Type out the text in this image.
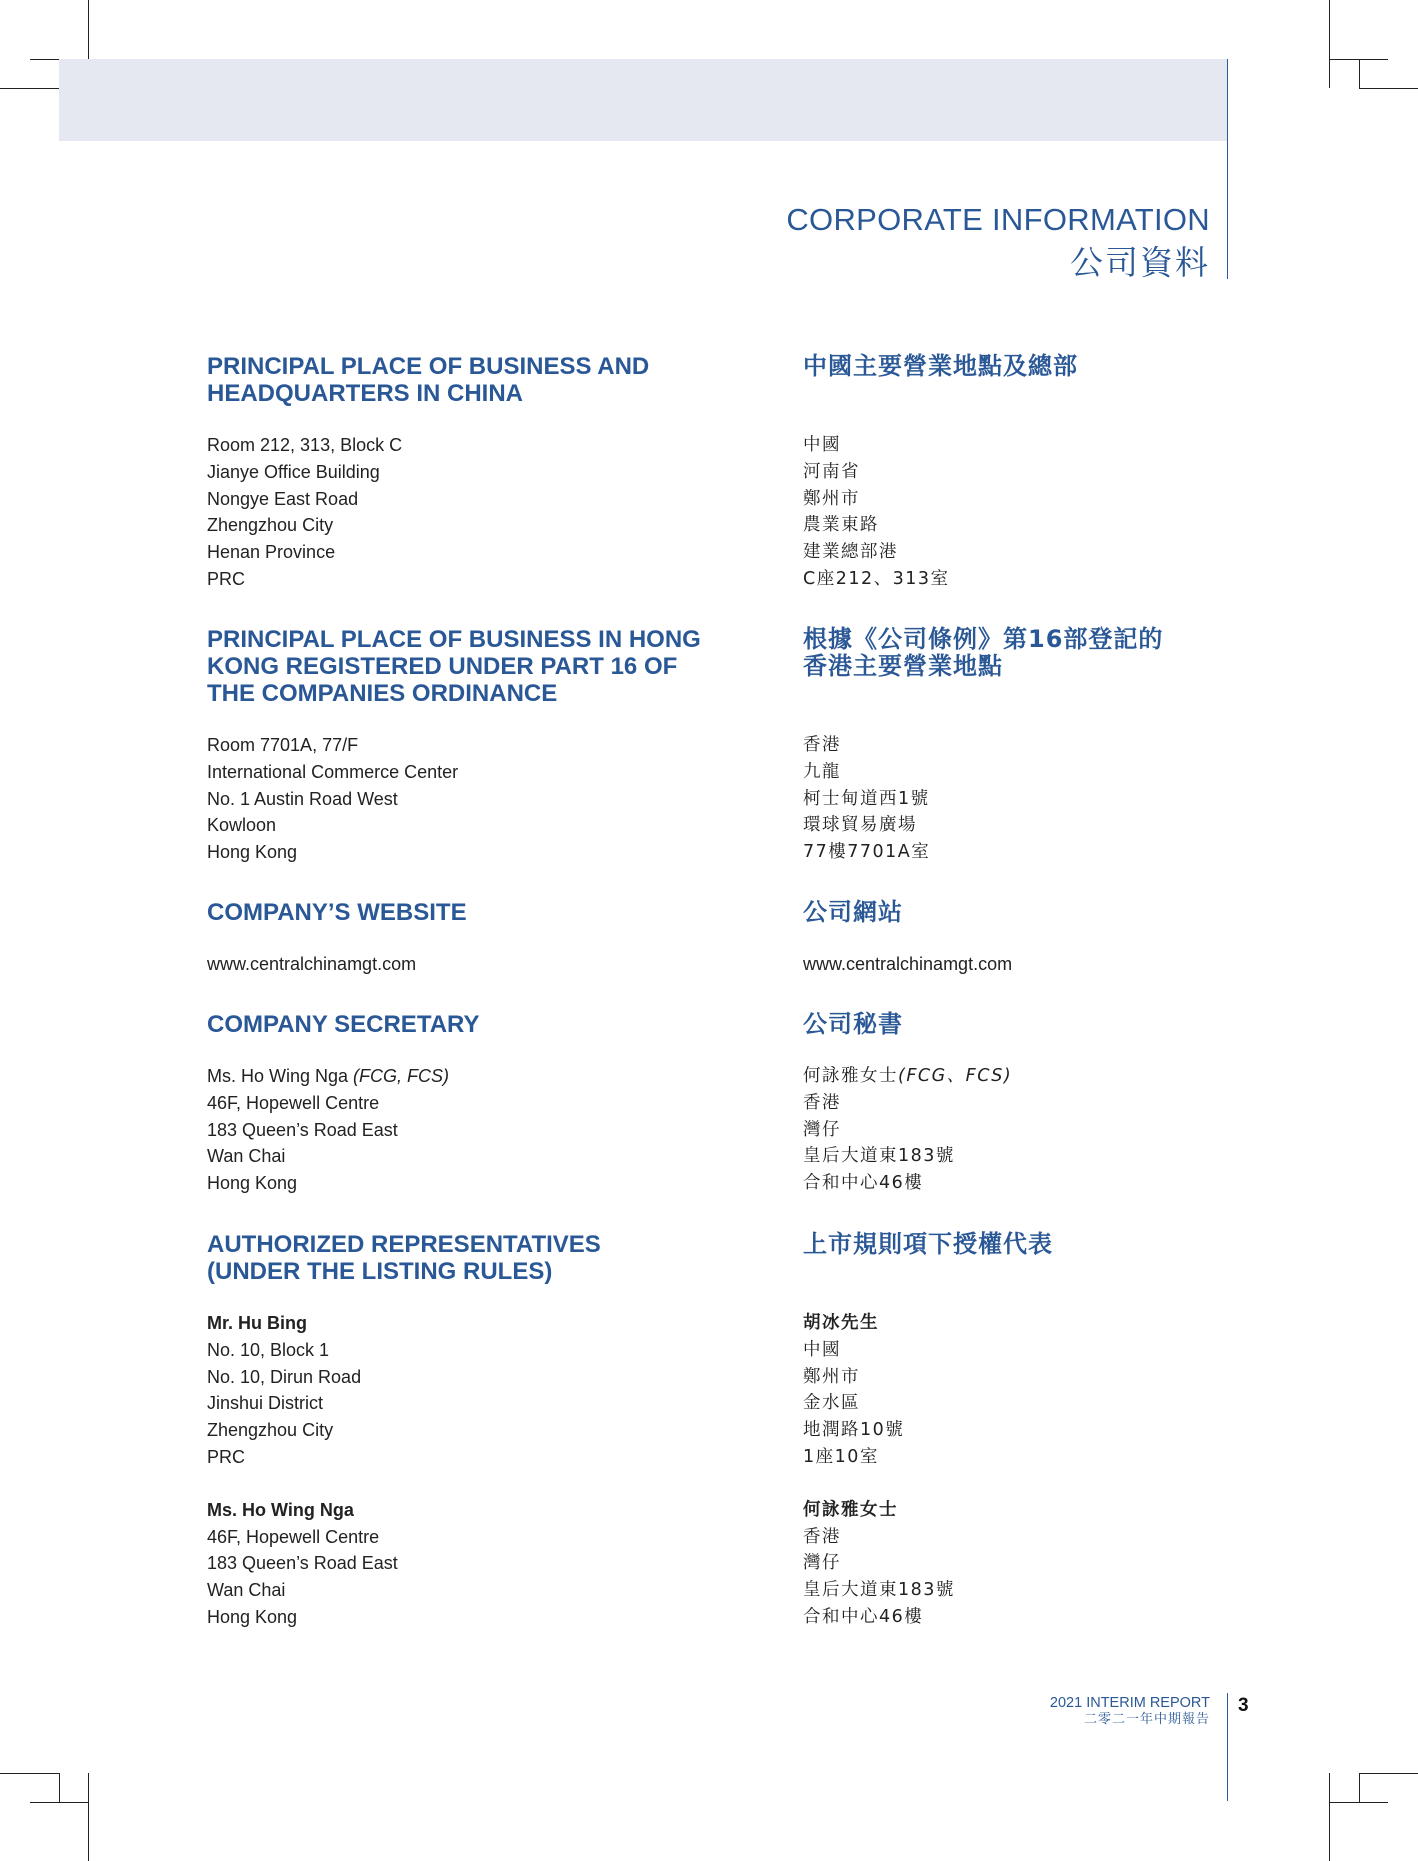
CORPORATE INFORMATION
公司資料
PRINCIPAL PLACE OF BUSINESS AND
HEADQUARTERS IN CHINA
Room 212, 313, Block C
Jianye Office Building
Nongye East Road
Zhengzhou City
Henan Province
PRC
中國主要營業地點及總部

中國
河南省
鄭州市
農業東路
建業總部港
C座212、313室
PRINCIPAL PLACE OF BUSINESS IN HONG
KONG REGISTERED UNDER PART 16 OF
THE COMPANIES ORDINANCE
Room 7701A, 77/F
International Commerce Center
No. 1 Austin Road West
Kowloon
Hong Kong
根據《公司條例》第16部登記的
香港主要營業地點

香港
九龍
柯士甸道西1號
環球貿易廣場
77樓7701A室
COMPANY’S WEBSITE
www.centralchinamgt.com
公司網站
www.centralchinamgt.com
COMPANY SECRETARY
Ms. Ho Wing Nga (FCG, FCS)
46F, Hopewell Centre
183 Queen’s Road East
Wan Chai
Hong Kong
公司秘書
何詠雅女士(FCG、FCS)
香港
灣仔
皇后大道東183號
合和中心46樓
AUTHORIZED REPRESENTATIVES
(UNDER THE LISTING RULES)
Mr. Hu Bing
No. 10, Block 1
No. 10, Dirun Road
Jinshui District
Zhengzhou City
PRC
Ms. Ho Wing Nga
46F, Hopewell Centre
183 Queen’s Road East
Wan Chai
Hong Kong
上市規則項下授權代表

胡冰先生
中國
鄭州市
金水區
地潤路10號
1座10室
何詠雅女士
香港
灣仔
皇后大道東183號
合和中心46樓
2021 INTERIM REPORT
二零二一年中期報告
3
